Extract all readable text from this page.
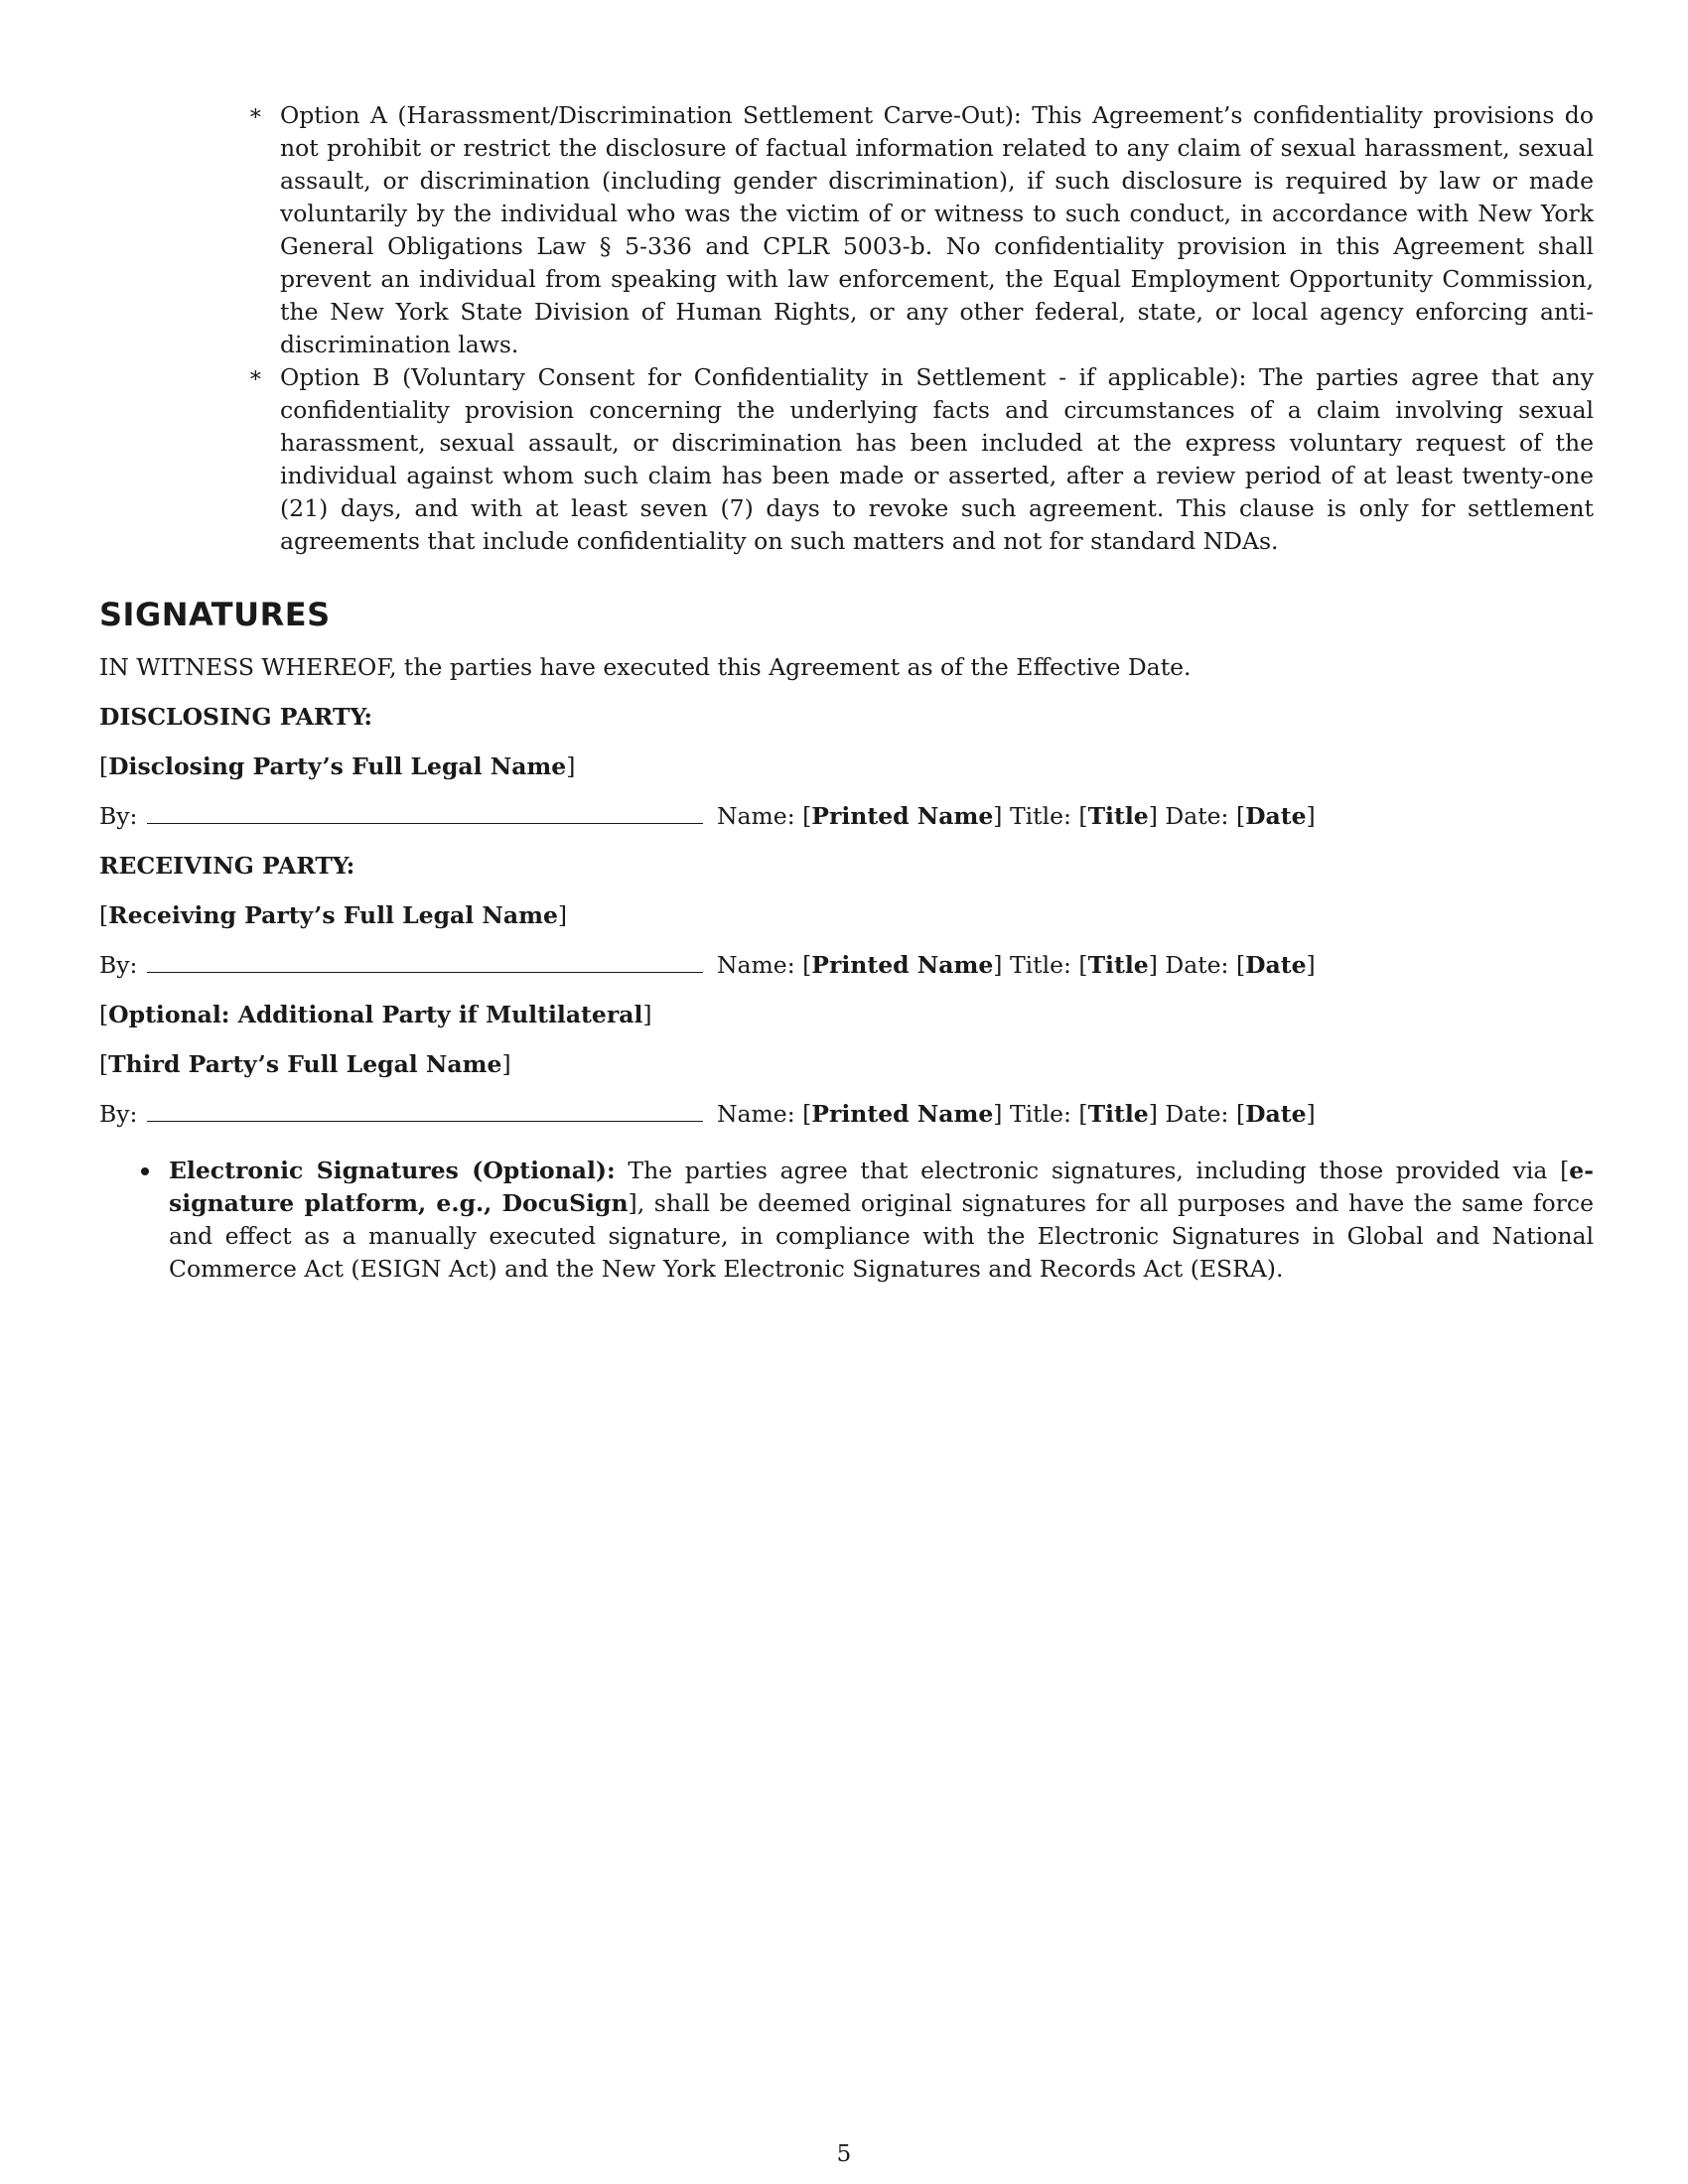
∗ Option A (Harassment/Discrimination Settlement Carve-Out): This Agreement’s confidentiality provisions do not prohibit or restrict the disclosure of factual information related to any claim of sexual harassment, sexual assault, or discrimination (including gender discrimination), if such disclosure is required by law or made voluntarily by the individual who was the victim of or witness to such conduct, in accordance with New York General Obligations Law § 5-336 and CPLR 5003-b. No confidentiality provision in this Agreement shall prevent an individual from speaking with law enforcement, the Equal Employment Opportunity Commission, the New York State Division of Human Rights, or any other federal, state, or local agency enforcing anti-discrimination laws.

∗ Option B (Voluntary Consent for Confidentiality in Settlement - if applicable): The parties agree that any confidentiality provision concerning the underlying facts and circumstances of a claim involving sexual harassment, sexual assault, or discrimination has been included at the express voluntary request of the individual against whom such claim has been made or asserted, after a review period of at least twenty-one (21) days, and with at least seven (7) days to revoke such agreement. This clause is only for settlement agreements that include confidentiality on such matters and not for standard NDAs.

SIGNATURES
IN WITNESS WHEREOF, the parties have executed this Agreement as of the Effective Date.
DISCLOSING PARTY:
[Disclosing Party’s Full Legal Name]
By:	Name: [Printed Name] Title: [Title] Date: [Date]
RECEIVING PARTY:
[Receiving Party’s Full Legal Name]
By:	Name: [Printed Name] Title: [Title] Date: [Date]
[Optional: Additional Party if Multilateral]
[Third Party’s Full Legal Name]
By:	Name: [Printed Name] Title: [Title] Date: [Date]

Electronic Signatures (Optional): The parties agree that electronic signatures, including those provided via [e-signature platform, e.g., DocuSign], shall be deemed original signatures for all purposes and have the same force and effect as a manually executed signature, in compliance with the Electronic Signatures in Global and National Commerce Act (ESIGN Act) and the New York Electronic Signatures and Records Act (ESRA).

5
